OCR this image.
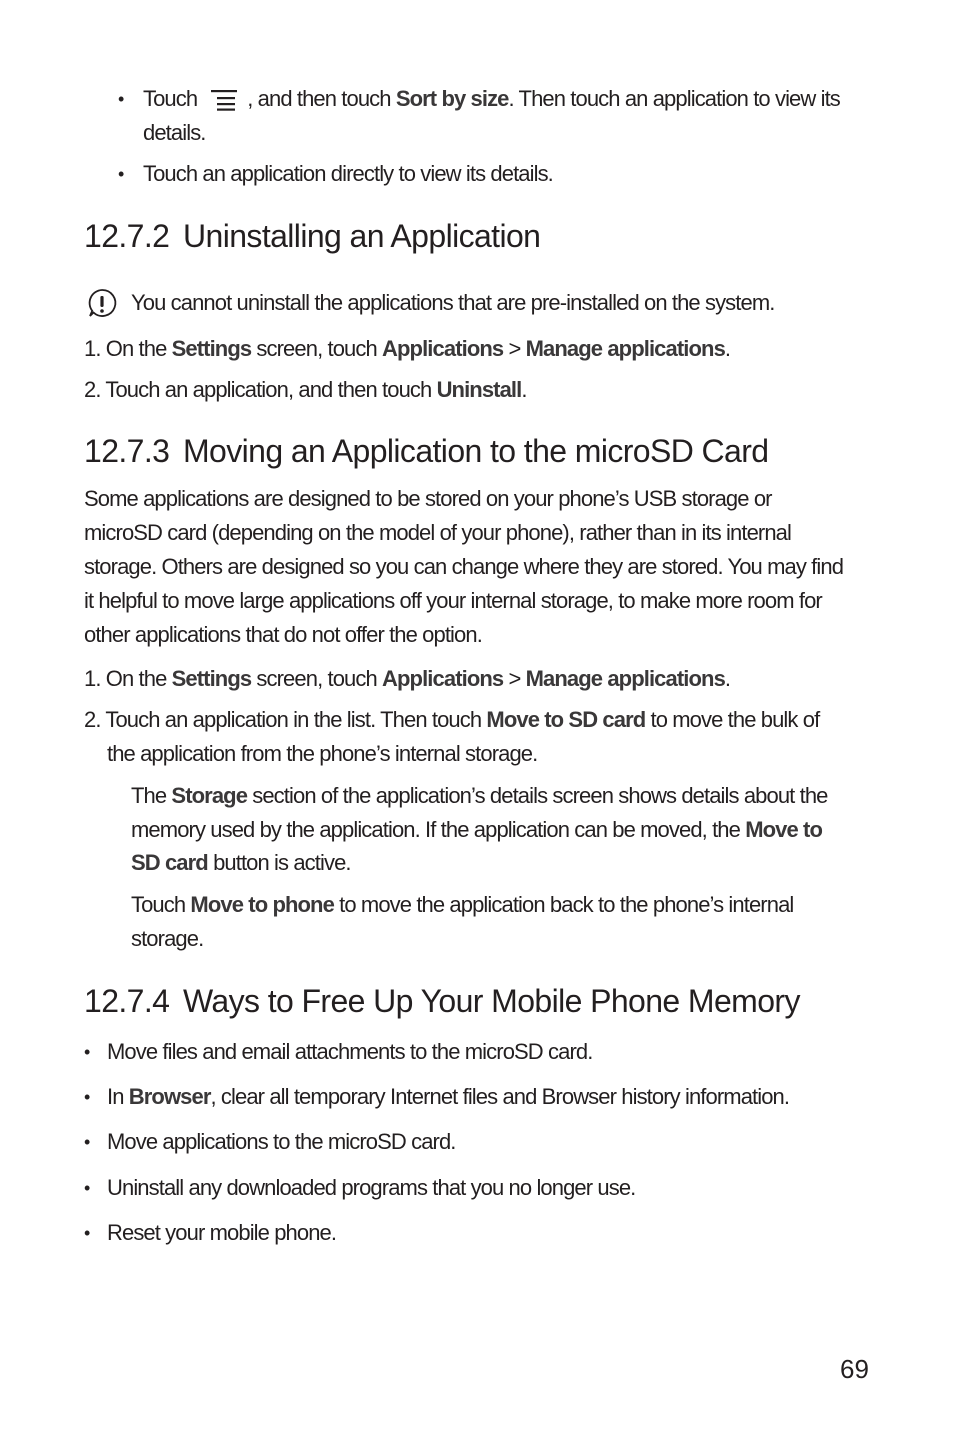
• Touch , and then touch Sort by size. Then touch an application to view its
details.
• Touch an application directly to view its details.
12.7.2 Uninstalling an Application
You cannot uninstall the applications that are pre-installed on the system.
1. On the Settings screen, touch Applications > Manage applications.
2. Touch an application, and then touch Uninstall.
12.7.3 Moving an Application to the microSD Card
Some applications are designed to be stored on your phone’s USB storage or
microSD card (depending on the model of your phone), rather than in its internal
storage. Others are designed so you can change where they are stored. You may find
it helpful to move large applications off your internal storage, to make more room for
other applications that do not offer the option.
1. On the Settings screen, touch Applications > Manage applications.
2. Touch an application in the list. Then touch Move to SD card to move the bulk of
the application from the phone’s internal storage.
The Storage section of the application’s details screen shows details about the
memory used by the application. If the application can be moved, the Move to
SD card button is active.
Touch Move to phone to move the application back to the phone’s internal
storage.
12.7.4 Ways to Free Up Your Mobile Phone Memory
• Move files and email attachments to the microSD card.
• In Browser, clear all temporary Internet files and Browser history information.
• Move applications to the microSD card.
• Uninstall any downloaded programs that you no longer use.
• Reset your mobile phone.
69
